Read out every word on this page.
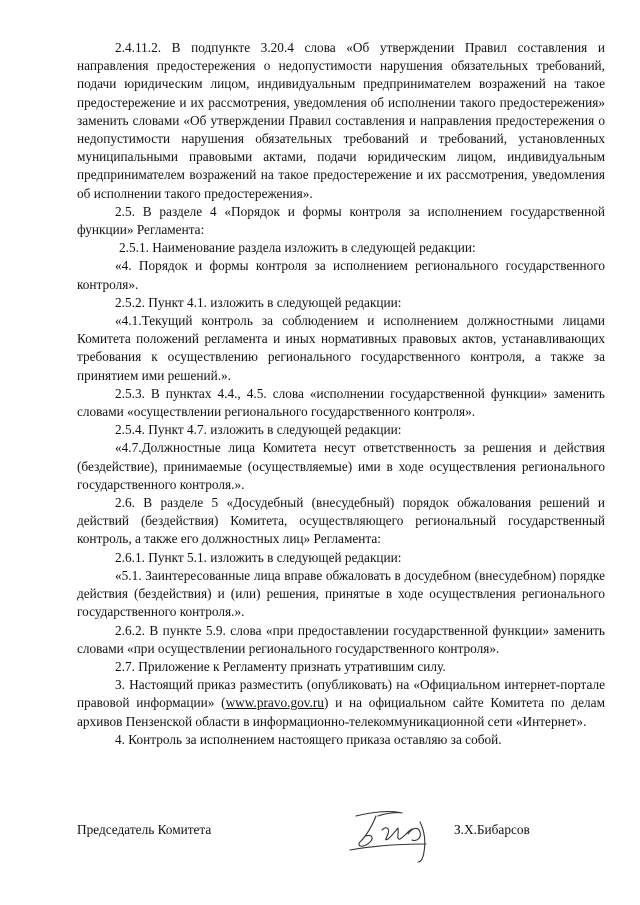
2.4.11.2. В подпункте 3.20.4 слова «Об утверждении Правил составления и направления предостережения о недопустимости нарушения обязательных требований, подачи юридическим лицом, индивидуальным предпринимателем возражений на такое предостережение и их рассмотрения, уведомления об исполнении такого предостережения» заменить словами «Об утверждении Правил составления и направления предостережения о недопустимости нарушения обязательных требований и требований, установленных муниципальными правовыми актами, подачи юридическим лицом, индивидуальным предпринимателем возражений на такое предостережение и их рассмотрения, уведомления об исполнении такого предостережения».

2.5. В разделе 4 «Порядок и формы контроля за исполнением государственной функции» Регламента:

2.5.1. Наименование раздела изложить в следующей редакции:

«4. Порядок и формы контроля за исполнением регионального государственного контроля».

2.5.2. Пункт 4.1. изложить в следующей редакции:

«4.1.Текущий контроль за соблюдением и исполнением должностными лицами Комитета положений регламента и иных нормативных правовых актов, устанавливающих требования к осуществлению регионального государственного контроля, а также за принятием ими решений.».

2.5.3. В пунктах 4.4., 4.5. слова «исполнении государственной функции» заменить словами «осуществлении регионального государственного контроля».

2.5.4. Пункт 4.7. изложить в следующей редакции:

«4.7.Должностные лица Комитета несут ответственность за решения и действия (бездействие), принимаемые (осуществляемые) ими в ходе осуществления регионального государственного контроля.».

2.6. В разделе 5 «Досудебный (внесудебный) порядок обжалования решений и действий (бездействия) Комитета, осуществляющего региональный государственный контроль, а также его должностных лиц» Регламента:

2.6.1. Пункт 5.1. изложить в следующей редакции:

«5.1. Заинтересованные лица вправе обжаловать в досудебном (внесудебном) порядке действия (бездействия) и (или) решения, принятые в ходе осуществления регионального государственного контроля.».

2.6.2. В пункте 5.9. слова «при предоставлении государственной функции» заменить словами «при осуществлении регионального государственного контроля».

2.7. Приложение к Регламенту признать утратившим силу.

3. Настоящий приказ разместить (опубликовать) на «Официальном интернет-портале правовой информации» (www.pravo.gov.ru) и на официальном сайте Комитета по делам архивов Пензенской области в информационно-телекоммуникационной сети «Интернет».

4. Контроль за исполнением настоящего приказа оставляю за собой.

Председатель Комитета	З.Х.Бибарсов
